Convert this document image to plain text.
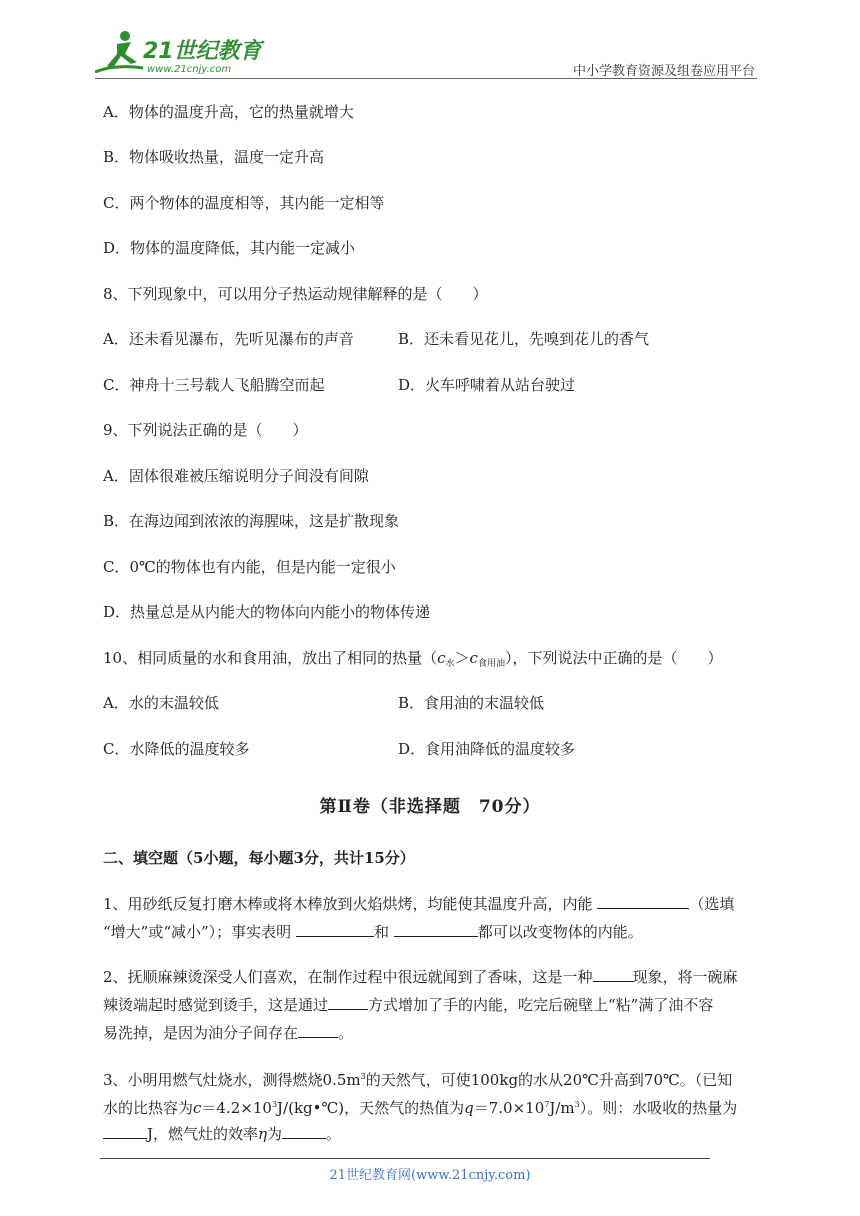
21世纪教育
www.21cnjy.com	中小学教育资源及组卷应用平台
A．物体的温度升高，它的热量就增大
B．物体吸收热量，温度一定升高
C．两个物体的温度相等，其内能一定相等
D．物体的温度降低，其内能一定减小
8、下列现象中，可以用分子热运动规律解释的是（　　）
A．还未看见瀑布，先听见瀑布的声音	B．还未看见花儿，先嗅到花儿的香气
C．神舟十三号载人飞船腾空而起	D．火车呼啸着从站台驶过
9、下列说法正确的是（　　）
A．固体很难被压缩说明分子间没有间隙
B．在海边闻到浓浓的海腥味，这是扩散现象
C．0℃的物体也有内能，但是内能一定很小
D．热量总是从内能大的物体向内能小的物体传递
10、相同质量的水和食用油，放出了相同的热量$(c_水>c_{食用油})$，下列说法中正确的是（　　）
A．水的末温较低	B．食用油的末温较低
C．水降低的温度较多	D．食用油降低的温度较多
第Ⅱ卷（非选择题　70分）
二、填空题（5小题，每小题3分，共计15分）
1、用砂纸反复打磨木棒或将木棒放到火焰烘烤，均能使其温度升高，内能	（选填
“增大”或“减小”）；事实表明	和	都可以改变物体的内能。
2、抚顺麻辣烫深受人们喜欢，在制作过程中很远就闻到了香味，这是一种	现象，将一碗麻
辣烫端起时感觉到烫手，这是通过	方式增加了手的内能，吃完后碗壁上“粘”满了油不容
易洗掉，是因为油分子间存在	。
3、小明用燃气灶烧水，测得燃烧$0.5m^3$的天然气，可使100kg的水从20℃升高到70℃。（已知
水的比热容为$c=4.2\times 10^3J/(kg•℃)$，天然气的热值为$q=7.0\times 10^7J/m^3$）。则：水吸收的热量为
J，燃气灶的效率η为	。
21世纪教育网(www.21cnjy.com)
